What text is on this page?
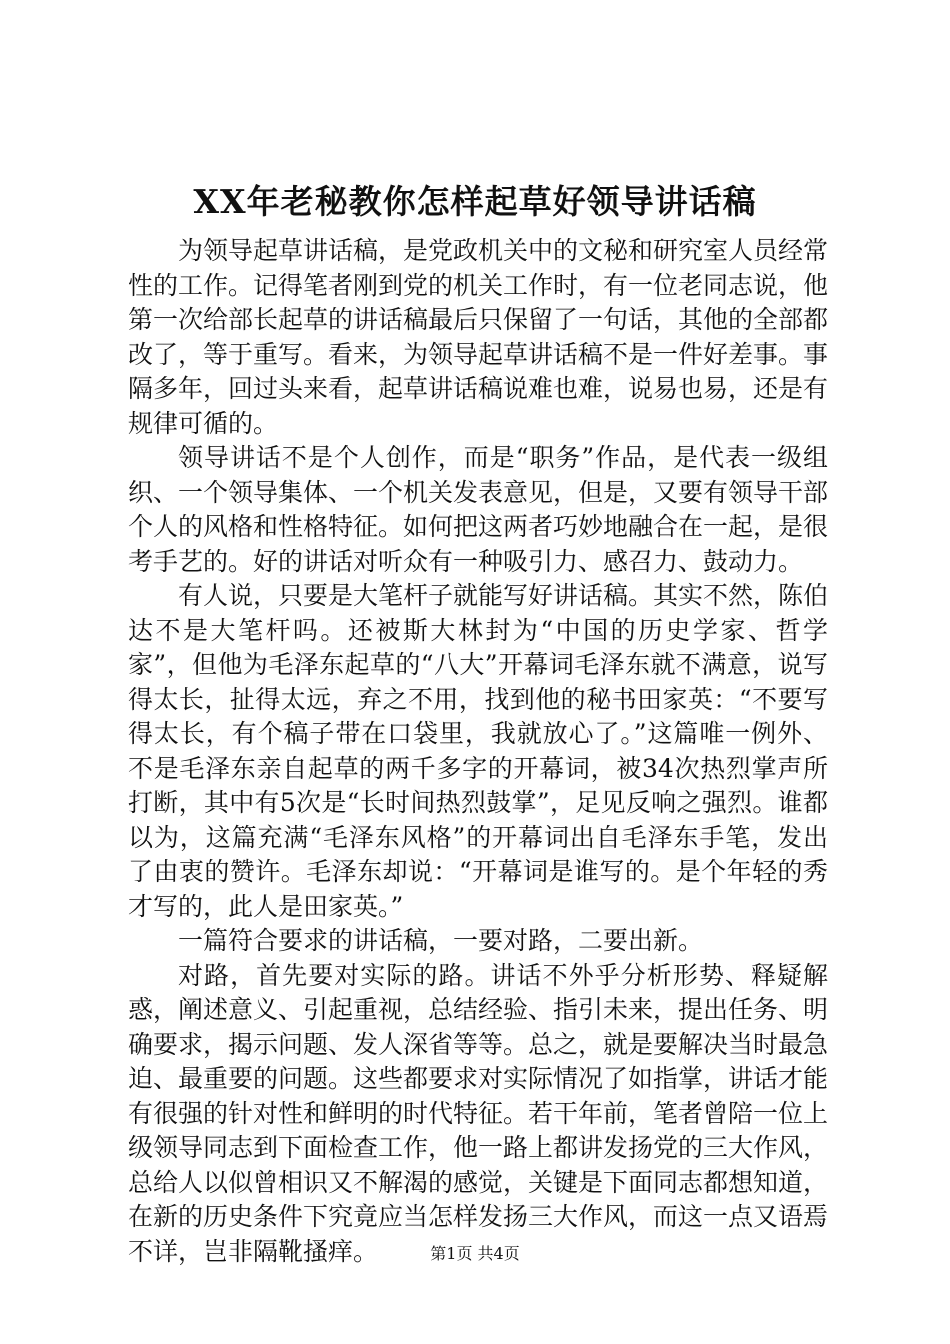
XX年老秘教你怎样起草好领导讲话稿

为领导起草讲话稿，是党政机关中的文秘和研究室人员经常性的工作。记得笔者刚到党的机关工作时，有一位老同志说，他第一次给部长起草的讲话稿最后只保留了一句话，其他的全部都改了，等于重写。看来，为领导起草讲话稿不是一件好差事。事隔多年，回过头来看，起草讲话稿说难也难，说易也易，还是有规律可循的。

领导讲话不是个人创作，而是“职务”作品，是代表一级组织、一个领导集体、一个机关发表意见，但是，又要有领导干部个人的风格和性格特征。如何把这两者巧妙地融合在一起，是很考手艺的。好的讲话对听众有一种吸引力、感召力、鼓动力。

有人说，只要是大笔杆子就能写好讲话稿。其实不然，陈伯达不是大笔杆吗。还被斯大林封为“中国的历史学家、哲学家”，但他为毛泽东起草的“八大”开幕词毛泽东就不满意，说写得太长，扯得太远，弃之不用，找到他的秘书田家英：“不要写得太长，有个稿子带在口袋里，我就放心了。”这篇唯一例外、不是毛泽东亲自起草的两千多字的开幕词，被34次热烈掌声所打断，其中有5次是“长时间热烈鼓掌”，足见反响之强烈。谁都以为，这篇充满“毛泽东风格”的开幕词出自毛泽东手笔，发出了由衷的赞许。毛泽东却说：“开幕词是谁写的。是个年轻的秀才写的，此人是田家英。”

一篇符合要求的讲话稿，一要对路，二要出新。

对路，首先要对实际的路。讲话不外乎分析形势、释疑解惑，阐述意义、引起重视，总结经验、指引未来，提出任务、明确要求，揭示问题、发人深省等等。总之，就是要解决当时最急迫、最重要的问题。这些都要求对实际情况了如指掌，讲话才能有很强的针对性和鲜明的时代特征。若干年前，笔者曾陪一位上级领导同志到下面检查工作，他一路上都讲发扬党的三大作风，总给人以似曾相识又不解渴的感觉，关键是下面同志都想知道，在新的历史条件下究竟应当怎样发扬三大作风，而这一点又语焉不详，岂非隔靴搔痒。	第1页 共4页
